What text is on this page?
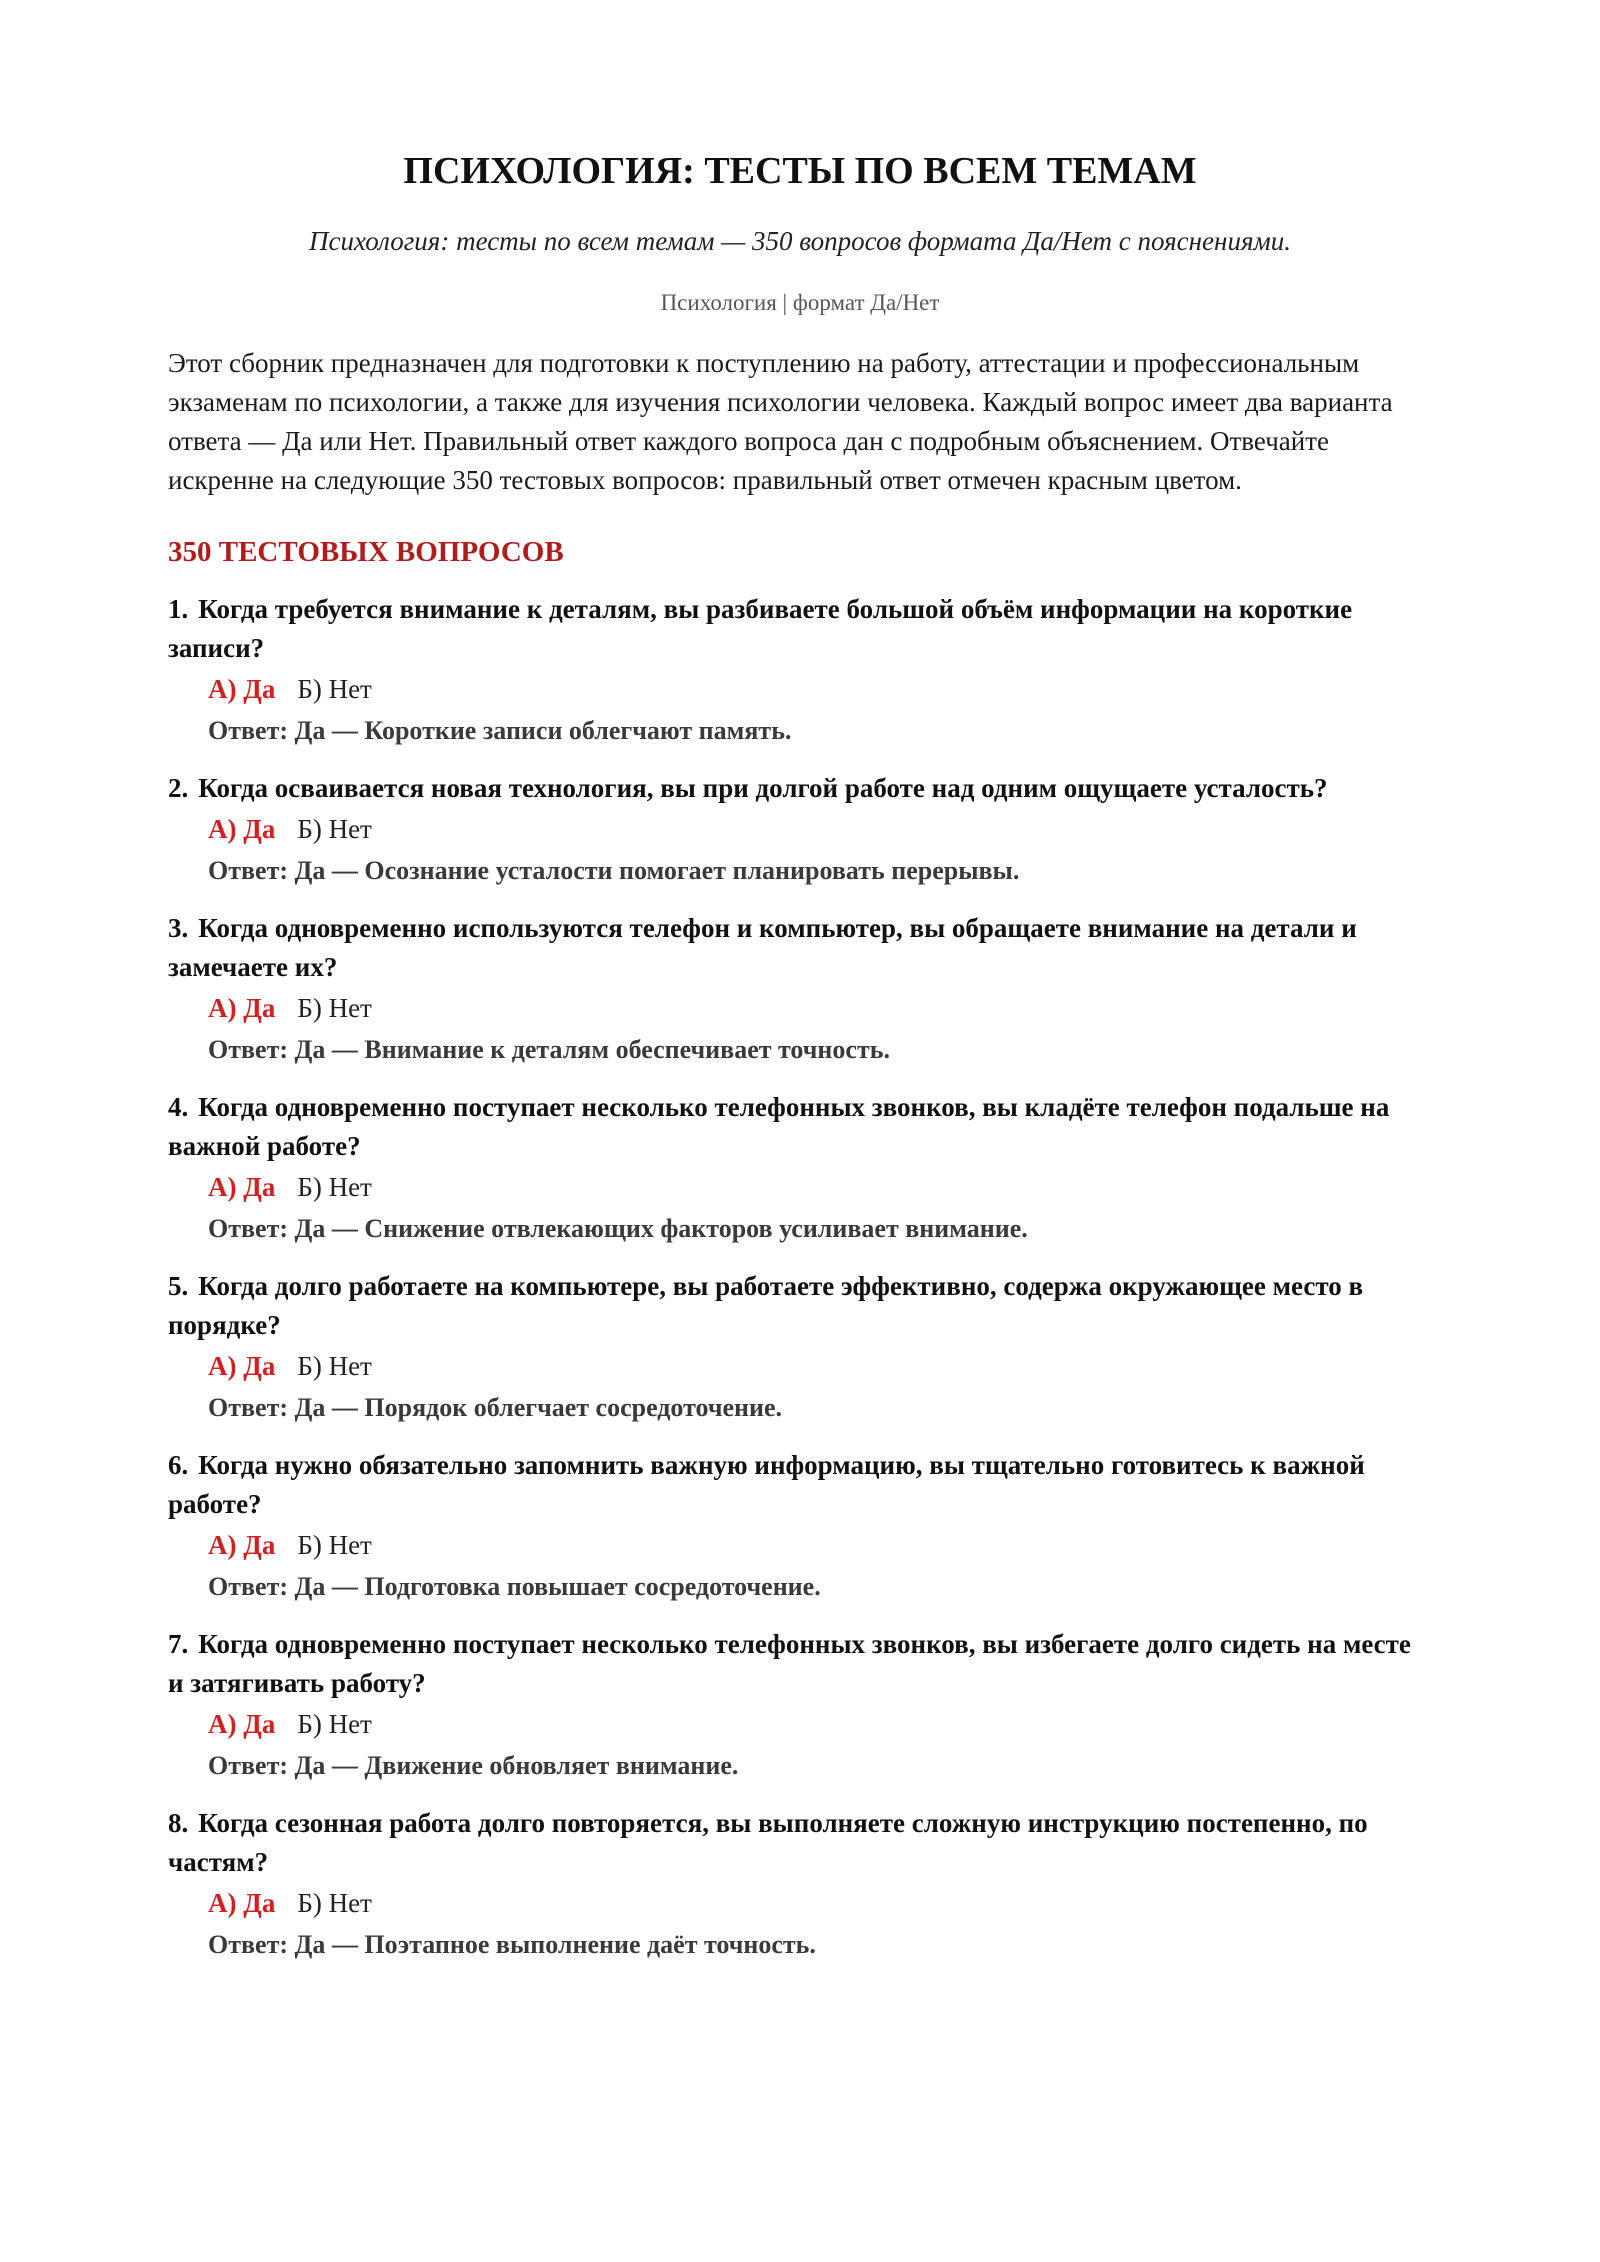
ПСИХОЛОГИЯ: ТЕСТЫ ПО ВСЕМ ТЕМАМ

Психология: тесты по всем темам — 350 вопросов формата Да/Нет с пояснениями.

Психология | формат Да/Нет

Этот сборник предназначен для подготовки к поступлению на работу, аттестации и профессиональным экзаменам по психологии, а также для изучения психологии человека. Каждый вопрос имеет два варианта ответа — Да или Нет. Правильный ответ каждого вопроса дан с подробным объяснением. Отвечайте искренне на следующие 350 тестовых вопросов: правильный ответ отмечен красным цветом.

350 ТЕСТОВЫХ ВОПРОСОВ
1. Когда требуется внимание к деталям, вы разбиваете большой объём информации на короткие записи?
А) Да Б) Нет
Ответ: Да — Короткие записи облегчают память.
2. Когда осваивается новая технология, вы при долгой работе над одним ощущаете усталость?
А) Да Б) Нет
Ответ: Да — Осознание усталости помогает планировать перерывы.
3. Когда одновременно используются телефон и компьютер, вы обращаете внимание на детали и замечаете их?
А) Да Б) Нет
Ответ: Да — Внимание к деталям обеспечивает точность.
4. Когда одновременно поступает несколько телефонных звонков, вы кладёте телефон подальше на важной работе?
А) Да Б) Нет
Ответ: Да — Снижение отвлекающих факторов усиливает внимание.
5. Когда долго работаете на компьютере, вы работаете эффективно, содержа окружающее место в порядке?
А) Да Б) Нет
Ответ: Да — Порядок облегчает сосредоточение.
6. Когда нужно обязательно запомнить важную информацию, вы тщательно готовитесь к важной работе?
А) Да Б) Нет
Ответ: Да — Подготовка повышает сосредоточение.
7. Когда одновременно поступает несколько телефонных звонков, вы избегаете долго сидеть на месте и затягивать работу?
А) Да Б) Нет
Ответ: Да — Движение обновляет внимание.
8. Когда сезонная работа долго повторяется, вы выполняете сложную инструкцию постепенно, по частям?
А) Да Б) Нет
Ответ: Да — Поэтапное выполнение даёт точность.
